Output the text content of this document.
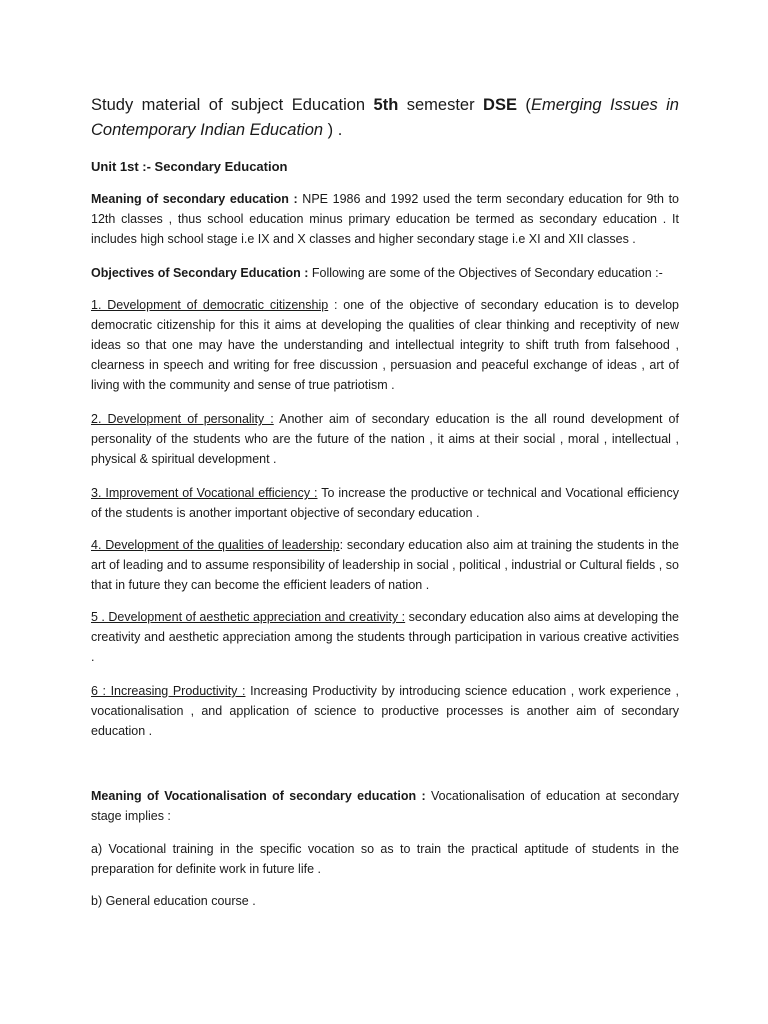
Study material of subject Education 5th semester DSE (Emerging Issues in Contemporary Indian Education ) .
Unit 1st :- Secondary Education

Meaning of secondary education : NPE 1986 and 1992 used the term secondary education for 9th to 12th classes , thus school education minus primary education be termed as secondary education . It includes high school stage i.e IX and X classes and higher secondary stage i.e XI and XII classes .

Objectives of Secondary Education : Following are some of the Objectives of Secondary education :-

1. Development of democratic citizenship : one of the objective of secondary education is to develop democratic citizenship for this it aims at developing the qualities of clear thinking and receptivity of new ideas so that one may have the understanding and intellectual integrity to shift truth from falsehood , clearness in speech and writing for free discussion , persuasion and peaceful exchange of ideas , art of living with the community and sense of true patriotism .

2. Development of personality : Another aim of secondary education is the all round development of personality of the students who are the future of the nation , it aims at their social , moral , intellectual , physical & spiritual development .

3. Improvement of Vocational efficiency : To increase the productive or technical and Vocational efficiency of the students is another important objective of secondary education .

4. Development of the qualities of leadership: secondary education also aim at training the students in the art of leading and to assume responsibility of leadership in social , political , industrial or Cultural fields , so that in future they can become the efficient leaders of nation .

5 . Development of aesthetic appreciation and creativity : secondary education also aims at developing the creativity and aesthetic appreciation among the students through participation in various creative activities .

6 : Increasing Productivity : Increasing Productivity by introducing science education , work experience , vocationalisation , and application of science to productive processes is another aim of secondary education .

Meaning of Vocationalisation of secondary education : Vocationalisation of education at secondary stage implies :

a) Vocational training in the specific vocation so as to train the practical aptitude of students in the preparation for definite work in future life .

b) General education course .
